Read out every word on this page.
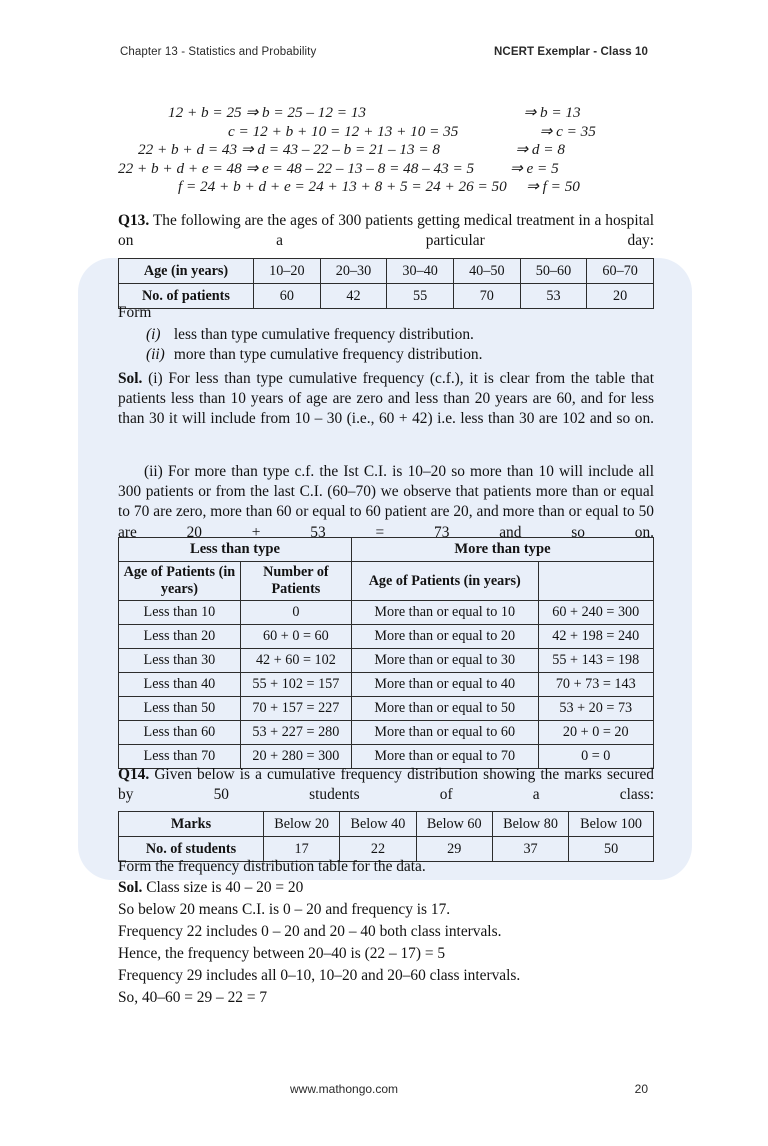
Chapter 13 - Statistics and Probability	NCERT Exemplar - Class 10
12 + b = 25 ⇒ b = 25 – 12 = 13	⇒ b = 13
c = 12 + b + 10 = 12 + 13 + 10 = 35	⇒ c = 35
22 + b + d = 43 ⇒ d = 43 – 22 – b = 21 – 13 = 8	⇒ d = 8
22 + b + d + e = 48 ⇒ e = 48 – 22 – 13 – 8 = 48 – 43 = 5	⇒ e = 5
f = 24 + b + d + e = 24 + 13 + 8 + 5 = 24 + 26 = 50	⇒ f = 50
Q13. The following are the ages of 300 patients getting medical treatment in a hospital on a particular day:
Age (in years)	10–20	20–30	30–40	40–50	50–60	60–70
No. of patients	60	42	55	70	53	20
Form
(i) less than type cumulative frequency distribution.
(ii) more than type cumulative frequency distribution.
Sol. (i) For less than type cumulative frequency (c.f.), it is clear from the table that patients less than 10 years of age are zero and less than 20 years are 60, and for less than 30 it will include from 10 – 30 (i.e., 60 + 42) i.e. less than 30 are 102 and so on.
(ii) For more than type c.f. the Ist C.I. is 10–20 so more than 10 will include all 300 patients or from the last C.I. (60–70) we observe that patients more than or equal to 70 are zero, more than 60 or equal to 60 patient are 20, and more than or equal to 50 are 20 + 53 = 73 and so on.
Less than type		More than type	
Age of Patients (in years)	Number of Patients	Age of Patients (in years)	
Less than 10	0	More than or equal to 10	60 + 240 = 300
Less than 20	60 + 0 = 60	More than or equal to 20	42 + 198 = 240
Less than 30	42 + 60 = 102	More than or equal to 30	55 + 143 = 198
Less than 40	55 + 102 = 157	More than or equal to 40	70 + 73 = 143
Less than 50	70 + 157 = 227	More than or equal to 50	53 + 20 = 73
Less than 60	53 + 227 = 280	More than or equal to 60	20 + 0 = 20
Less than 70	20 + 280 = 300	More than or equal to 70	0 = 0
Q14. Given below is a cumulative frequency distribution showing the marks secured by 50 students of a class:
Marks	Below 20	Below 40	Below 60	Below 80	Below 100
No. of students	17	22	29	37	50
Form the frequency distribution table for the data.
Sol. Class size is 40 – 20 = 20
So below 20 means C.I. is 0 – 20 and frequency is 17.
Frequency 22 includes 0 – 20 and 20 – 40 both class intervals.
Hence, the frequency between 20–40 is (22 – 17) = 5
Frequency 29 includes all 0–10, 10–20 and 20–60 class intervals.
So, 40–60 = 29 – 22 = 7
www.mathongo.com	20
